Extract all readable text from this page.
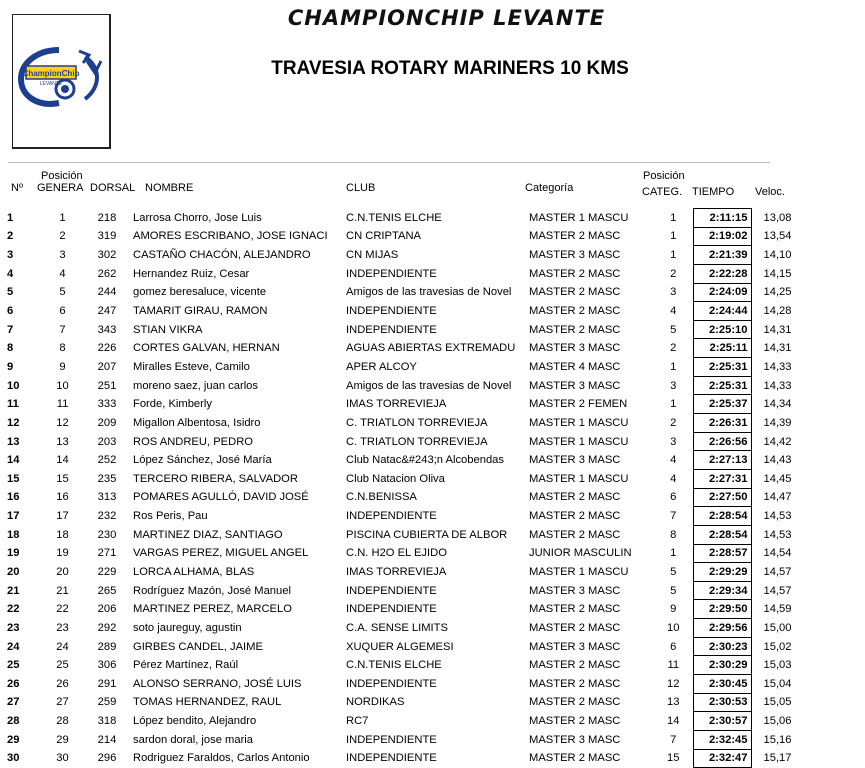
CHAMPIONCHIP LEVANTE
ChampionChip
LEVANTE
TRAVESIA ROTARY MARINERS 10 KMS
Posición
Nº GENERA DORSAL NOMBRE	CLUB	Categoría
Posición
CATEG. TIEMPO Veloc.
1	1	218	Larrosa Chorro, Jose Luis	C.N.TENIS ELCHE	MASTER 1 MASCU	1	2:11:15	13,08
2	2	319	AMORES ESCRIBANO, JOSE IGNACI	CN CRIPTANA	MASTER 2 MASC	1	2:19:02	13,54
3	3	302	CASTAÑO CHACÓN, ALEJANDRO	CN MIJAS	MASTER 3 MASC	1	2:21:39	14,10
4	4	262	Hernandez Ruiz, Cesar	INDEPENDIENTE	MASTER 2 MASC	2	2:22:28	14,15
5	5	244	gomez beresaluce, vicente	Amigos de las travesias de Novel	MASTER 2 MASC	3	2:24:09	14,25
6	6	247	TAMARIT GIRAU, RAMON	INDEPENDIENTE	MASTER 2 MASC	4	2:24:44	14,28
7	7	343	STIAN VIKRA	INDEPENDIENTE	MASTER 2 MASC	5	2:25:10	14,31
8	8	226	CORTES GALVAN, HERNAN	AGUAS ABIERTAS EXTREMADU	MASTER 3 MASC	2	2:25:11	14,31
9	9	207	Miralles Esteve, Camilo	APER ALCOY	MASTER 4 MASC	1	2:25:31	14,33
10	10	251	moreno saez, juan carlos	Amigos de las travesias de Novel	MASTER 3 MASC	3	2:25:31	14,33
11	11	333	Forde, Kimberly	IMAS TORREVIEJA	MASTER 2 FEMEN	1	2:25:37	14,34
12	12	209	Migallon Albentosa, Isidro	C. TRIATLON TORREVIEJA	MASTER 1 MASCU	2	2:26:31	14,39
13	13	203	ROS ANDREU, PEDRO	C. TRIATLON TORREVIEJA	MASTER 1 MASCU	3	2:26:56	14,42
14	14	252	López Sánchez, José María	Club Natac&#243;n Alcobendas	MASTER 3 MASC	4	2:27:13	14,43
15	15	235	TERCERO RIBERA, SALVADOR	Club Natacion Oliva	MASTER 1 MASCU	4	2:27:31	14,45
16	16	313	POMARES AGULLÓ, DAVID JOSÉ	C.N.BENISSA	MASTER 2 MASC	6	2:27:50	14,47
17	17	232	Ros Peris, Pau	INDEPENDIENTE	MASTER 2 MASC	7	2:28:54	14,53
18	18	230	MARTINEZ DIAZ, SANTIAGO	PISCINA CUBIERTA DE ALBOR	MASTER 2 MASC	8	2:28:54	14,53
19	19	271	VARGAS PEREZ, MIGUEL ANGEL	C.N. H2O EL EJIDO	JUNIOR MASCULIN	1	2:28:57	14,54
20	20	229	LORCA ALHAMA, BLAS	IMAS TORREVIEJA	MASTER 1 MASCU	5	2:29:29	14,57
21	21	265	Rodríguez Mazón, José Manuel	INDEPENDIENTE	MASTER 3 MASC	5	2:29:34	14,57
22	22	206	MARTINEZ PEREZ, MARCELO	INDEPENDIENTE	MASTER 2 MASC	9	2:29:50	14,59
23	23	292	soto jaureguy, agustin	C.A. SENSE LIMITS	MASTER 2 MASC	10	2:29:56	15,00
24	24	289	GIRBES CANDEL, JAIME	XUQUER ALGEMESI	MASTER 3 MASC	6	2:30:23	15,02
25	25	306	Pérez Martínez, Raúl	C.N.TENIS ELCHE	MASTER 2 MASC	11	2:30:29	15,03
26	26	291	ALONSO SERRANO, JOSÉ LUIS	INDEPENDIENTE	MASTER 2 MASC	12	2:30:45	15,04
27	27	259	TOMAS HERNANDEZ, RAUL	NORDIKAS	MASTER 2 MASC	13	2:30:53	15,05
28	28	318	López bendito, Alejandro	RC7	MASTER 2 MASC	14	2:30:57	15,06
29	29	214	sardon doral, jose maria	INDEPENDIENTE	MASTER 3 MASC	7	2:32:45	15,16
30	30	296	Rodriguez Faraldos, Carlos Antonio	INDEPENDIENTE	MASTER 2 MASC	15	2:32:47	15,17
